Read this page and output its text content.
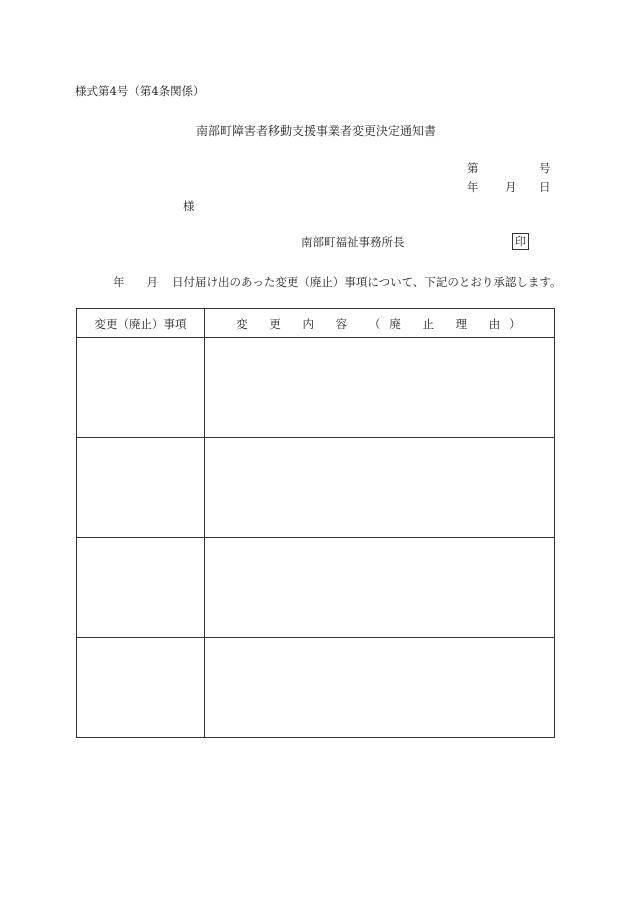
様式第4号（第4条関係）
南部町障害者移動支援事業者変更決定通知書
第	号
年 月 日
様
南部町福祉事務所長	印
年 月 日付届け出のあった変更（廃止）事項について、下記のとおり承認します。
変更（廃止）事項	変 更 内 容 （廃 止 理 由）
